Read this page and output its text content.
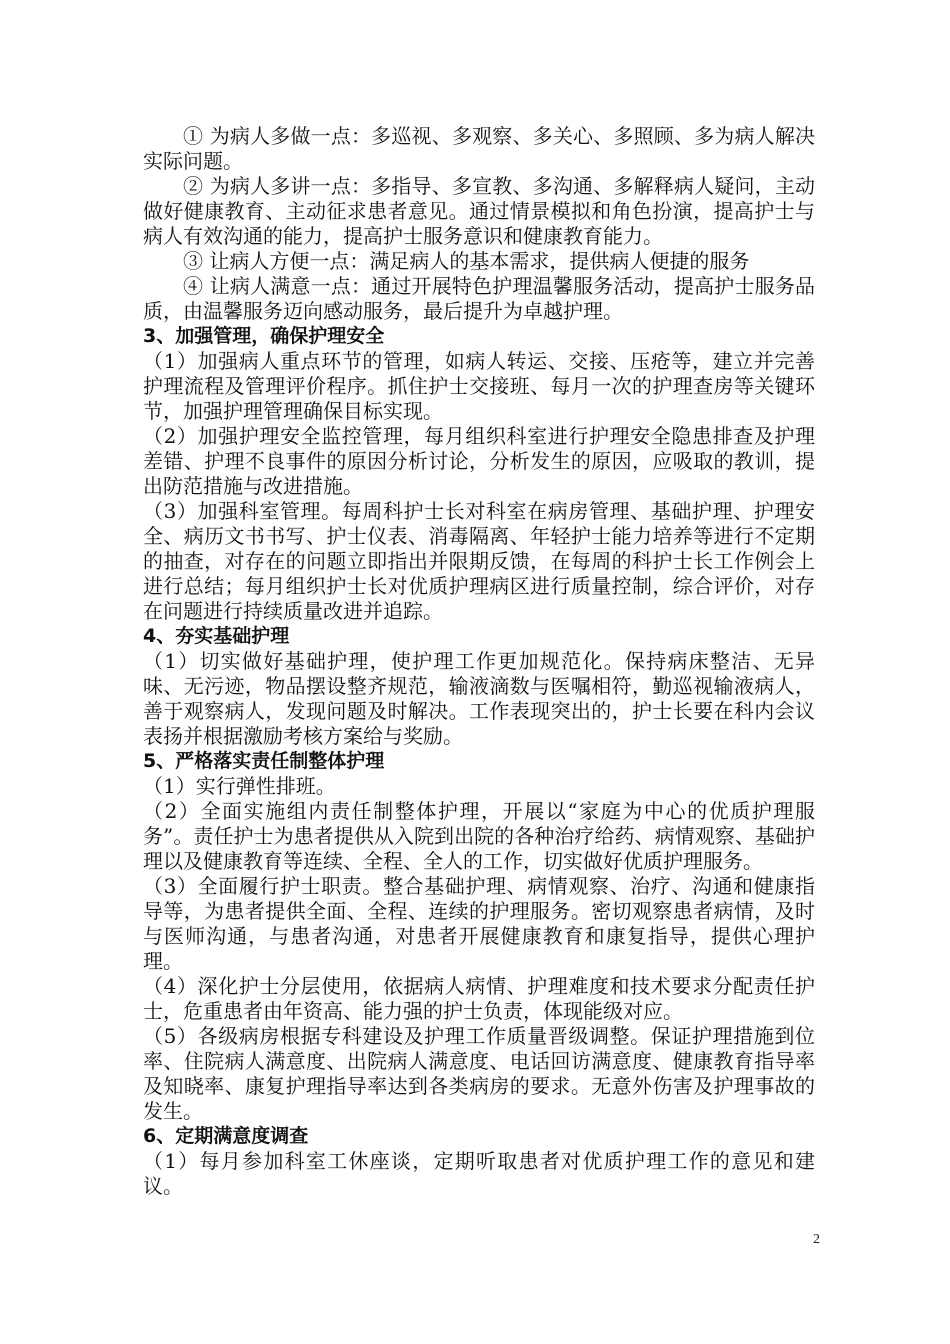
① 为病人多做一点：多巡视、多观察、多关心、多照顾、多为病人解决实际问题。

② 为病人多讲一点：多指导、多宣教、多沟通、多解释病人疑问，主动做好健康教育、主动征求患者意见。通过情景模拟和角色扮演，提高护士与病人有效沟通的能力，提高护士服务意识和健康教育能力。

③ 让病人方便一点：满足病人的基本需求，提供病人便捷的服务

④ 让病人满意一点：通过开展特色护理温馨服务活动，提高护士服务品质，由温馨服务迈向感动服务，最后提升为卓越护理。

3、加强管理，确保护理安全

（1）加强病人重点环节的管理，如病人转运、交接、压疮等，建立并完善护理流程及管理评价程序。抓住护士交接班、每月一次的护理查房等关键环节，加强护理管理确保目标实现。

（2）加强护理安全监控管理，每月组织科室进行护理安全隐患排查及护理差错、护理不良事件的原因分析讨论，分析发生的原因，应吸取的教训，提出防范措施与改进措施。

（3）加强科室管理。每周科护士长对科室在病房管理、基础护理、护理安全、病历文书书写、护士仪表、消毒隔离、年轻护士能力培养等进行不定期的抽查，对存在的问题立即指出并限期反馈，在每周的科护士长工作例会上进行总结；每月组织护士长对优质护理病区进行质量控制，综合评价，对存在问题进行持续质量改进并追踪。

4、夯实基础护理

（1）切实做好基础护理，使护理工作更加规范化。保持病床整洁、无异味、无污迹，物品摆设整齐规范，输液滴数与医嘱相符，勤巡视输液病人，善于观察病人，发现问题及时解决。工作表现突出的，护士长要在科内会议表扬并根据激励考核方案给与奖励。

5、严格落实责任制整体护理

（1）实行弹性排班。

（2）全面实施组内责任制整体护理，开展以“家庭为中心的优质护理服务”。责任护士为患者提供从入院到出院的各种治疗给药、病情观察、基础护理以及健康教育等连续、全程、全人的工作，切实做好优质护理服务。

（3）全面履行护士职责。整合基础护理、病情观察、治疗、沟通和健康指导等，为患者提供全面、全程、连续的护理服务。密切观察患者病情，及时与医师沟通，与患者沟通，对患者开展健康教育和康复指导，提供心理护理。

（4）深化护士分层使用，依据病人病情、护理难度和技术要求分配责任护士，危重患者由年资高、能力强的护士负责，体现能级对应。

（5）各级病房根据专科建设及护理工作质量晋级调整。保证护理措施到位率、住院病人满意度、出院病人满意度、电话回访满意度、健康教育指导率及知晓率、康复护理指导率达到各类病房的要求。无意外伤害及护理事故的发生。

6、定期满意度调查

（1）每月参加科室工休座谈，定期听取患者对优质护理工作的意见和建议。

2
